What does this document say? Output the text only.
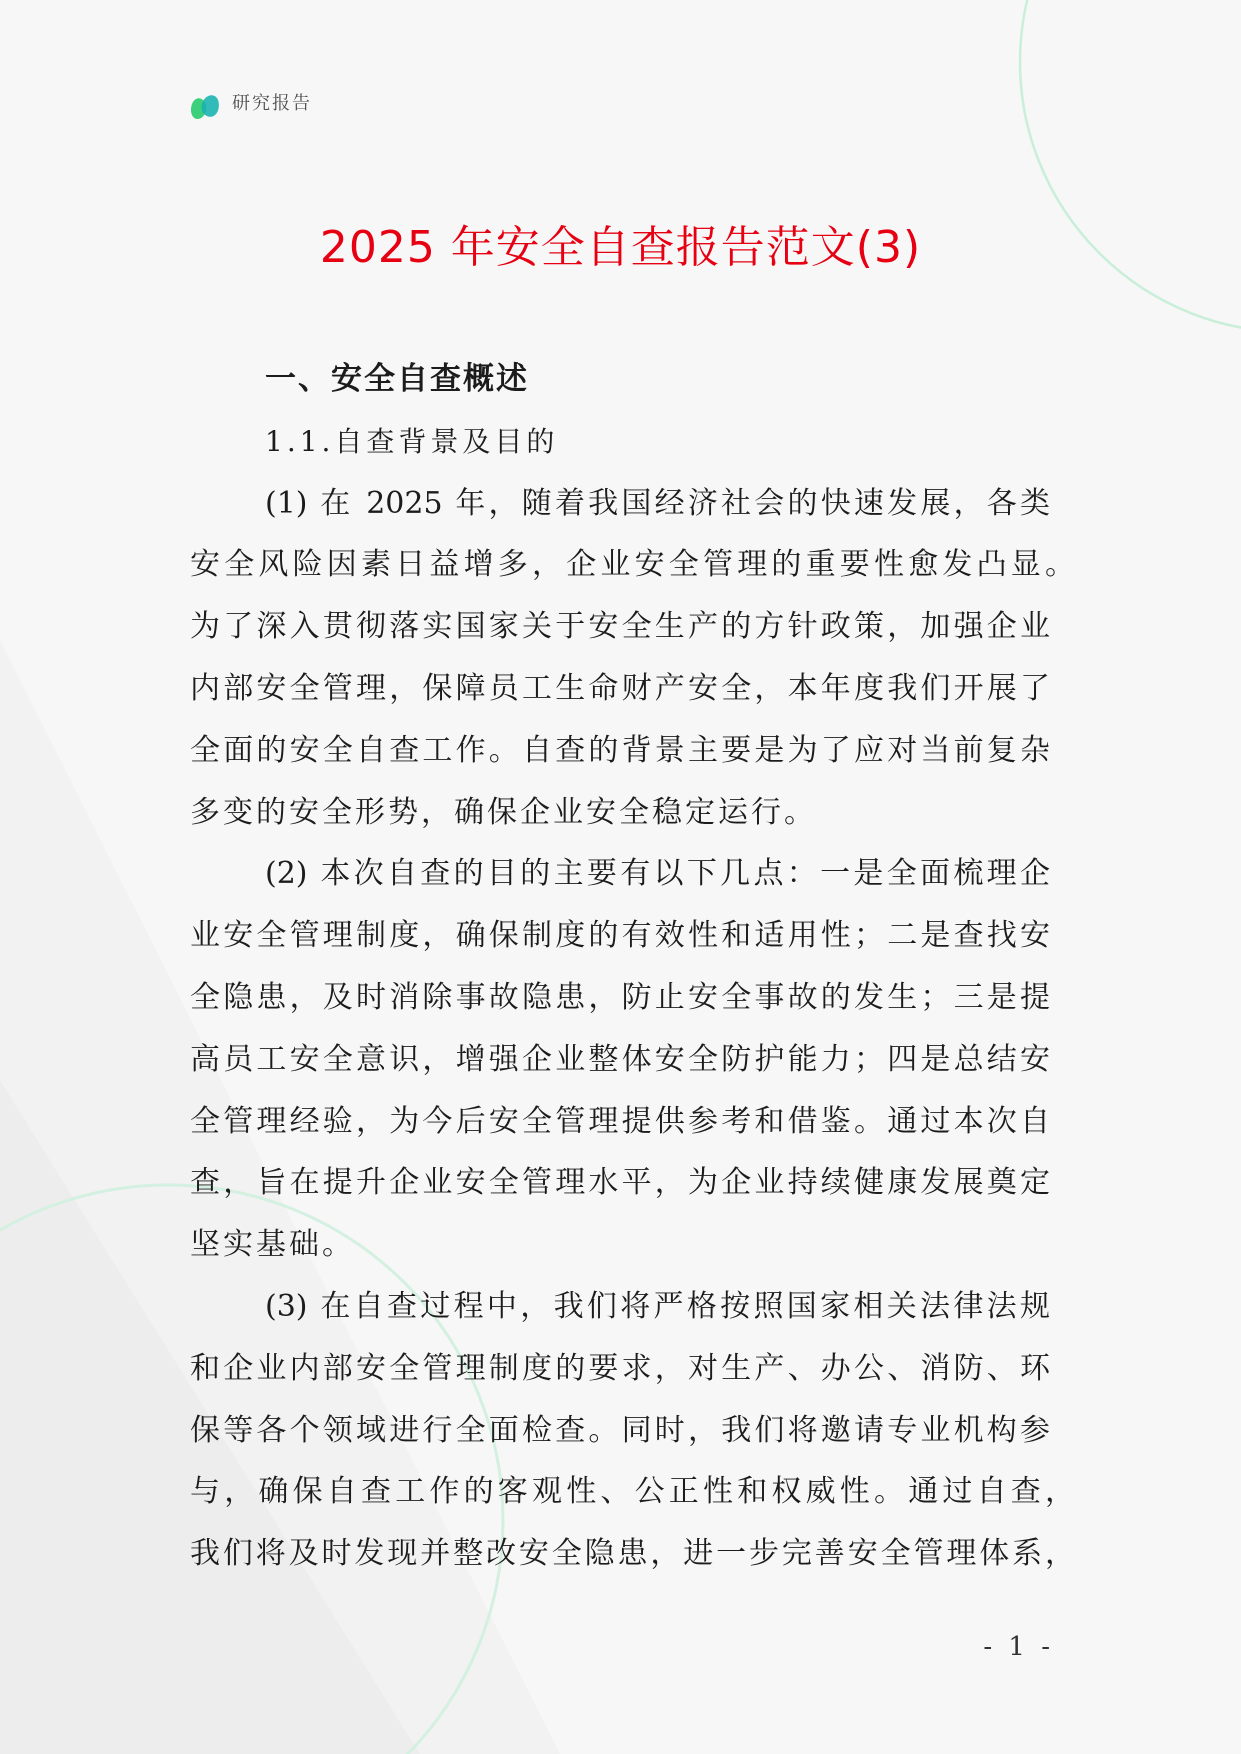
研究报告
2025 年安全自查报告范文(3)
一、安全自查概述
1.1.自查背景及目的
(1) 在 2025 年，随着我国经济社会的快速发展，各类
安全风险因素日益增多，企业安全管理的重要性愈发凸显。
为了深入贯彻落实国家关于安全生产的方针政策，加强企业
内部安全管理，保障员工生命财产安全，本年度我们开展了
全面的安全自查工作。自查的背景主要是为了应对当前复杂
多变的安全形势，确保企业安全稳定运行。
(2) 本次自查的目的主要有以下几点：一是全面梳理企
业安全管理制度，确保制度的有效性和适用性；二是查找安
全隐患，及时消除事故隐患，防止安全事故的发生；三是提
高员工安全意识，增强企业整体安全防护能力；四是总结安
全管理经验，为今后安全管理提供参考和借鉴。通过本次自
查，旨在提升企业安全管理水平，为企业持续健康发展奠定
坚实基础。
(3) 在自查过程中，我们将严格按照国家相关法律法规
和企业内部安全管理制度的要求，对生产、办公、消防、环
保等各个领域进行全面检查。同时，我们将邀请专业机构参
与，确保自查工作的客观性、公正性和权威性。通过自查，
我们将及时发现并整改安全隐患，进一步完善安全管理体系，
- 1 -
